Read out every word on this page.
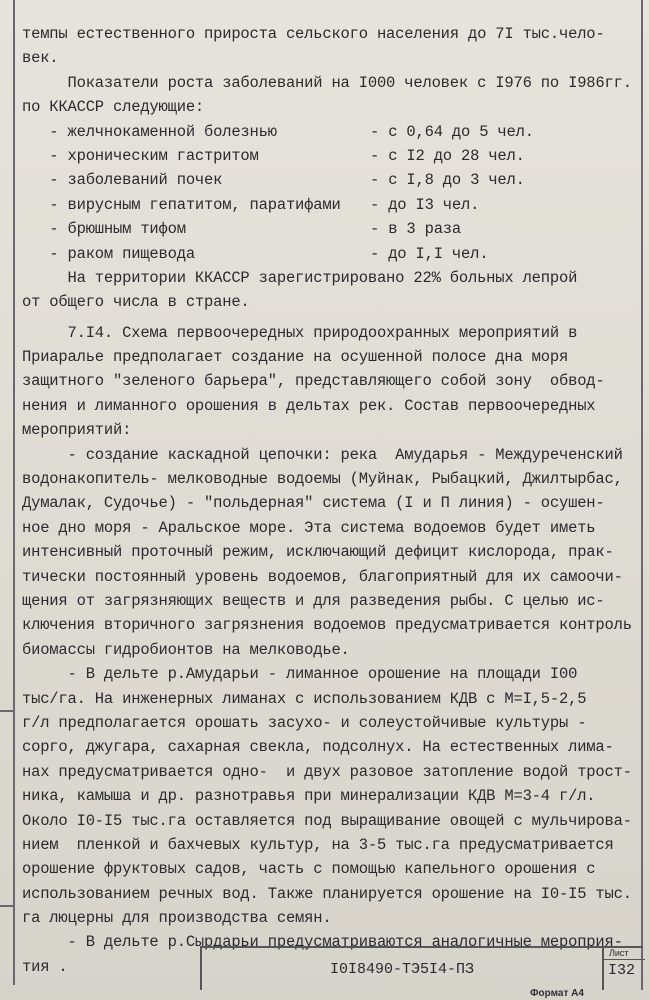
темпы естественного прироста сельского населения до 7I тыс.чело-
век.
Показатели роста заболеваний на I000 человек с I976 по I986гг.
по ККАССР следующие:
- желчнокаменной болезнью	- с 0,64 до 5 чел.
- хроническим гастритом	- с I2 до 28 чел.
- заболеваний почек	- с I,8 до 3 чел.
- вирусным гепатитом, паратифами	- до I3 чел.
- брюшным тифом	- в 3 раза
- раком пищевода	- до I,I чел.
На территории ККАССР зарегистрировано 22% больных лепрой
от общего числа в стране.
7.I4. Схема первоочередных природоохранных мероприятий в
Приаралье предполагает создание на осушенной полосе дна моря
защитного "зеленого барьера", представляющего собой зону  обвод-
нения и лиманного орошения в дельтах рек. Состав первоочередных
мероприятий:
- создание каскадной цепочки: река  Амударья - Междуреченский
водонакопитель- мелководные водоемы (Муйнак, Рыбацкий, Джилтырбас,
Думалак, Судочье) - "польдерная" система (I и П линия) - осушен-
ное дно моря - Аральское море. Эта система водоемов будет иметь
интенсивный проточный режим, исключающий дефицит кислорода, прак-
тически постоянный уровень водоемов, благоприятный для их самоочи-
щения от загрязняющих веществ и для разведения рыбы. С целью ис-
ключения вторичного загрязнения водоемов предусматривается контроль
биомассы гидробионтов на мелководье.
- В дельте р.Амударьи - лиманное орошение на площади I00
тыс/га. На инженерных лиманах с использованием КДВ с М=I,5-2,5
г/л предполагается орошать засухо- и солеустойчивые культуры -
сорго, джугара, сахарная свекла, подсолнух. На естественных лима-
нах предусматривается одно-  и двух разовое затопление водой трост-
ника, камыша и др. разнотравья при минерализации КДВ М=3-4 г/л.
Около I0-I5 тыс.га оставляется под выращивание овощей с мульчирова-
нием  пленкой и бахчевых культур, на 3-5 тыс.га предусматривается
орошение фруктовых садов, часть с помощью капельного орошения с
использованием речных вод. Также планируется орошение на I0-I5 тыс.
га люцерны для производства семян.
- В дельте р.Сырдарьи предусматриваются аналогичные мероприя-
тия .	I0I8490-ТЭ5I4-ПЗ
Лист
I32
Формат А4
